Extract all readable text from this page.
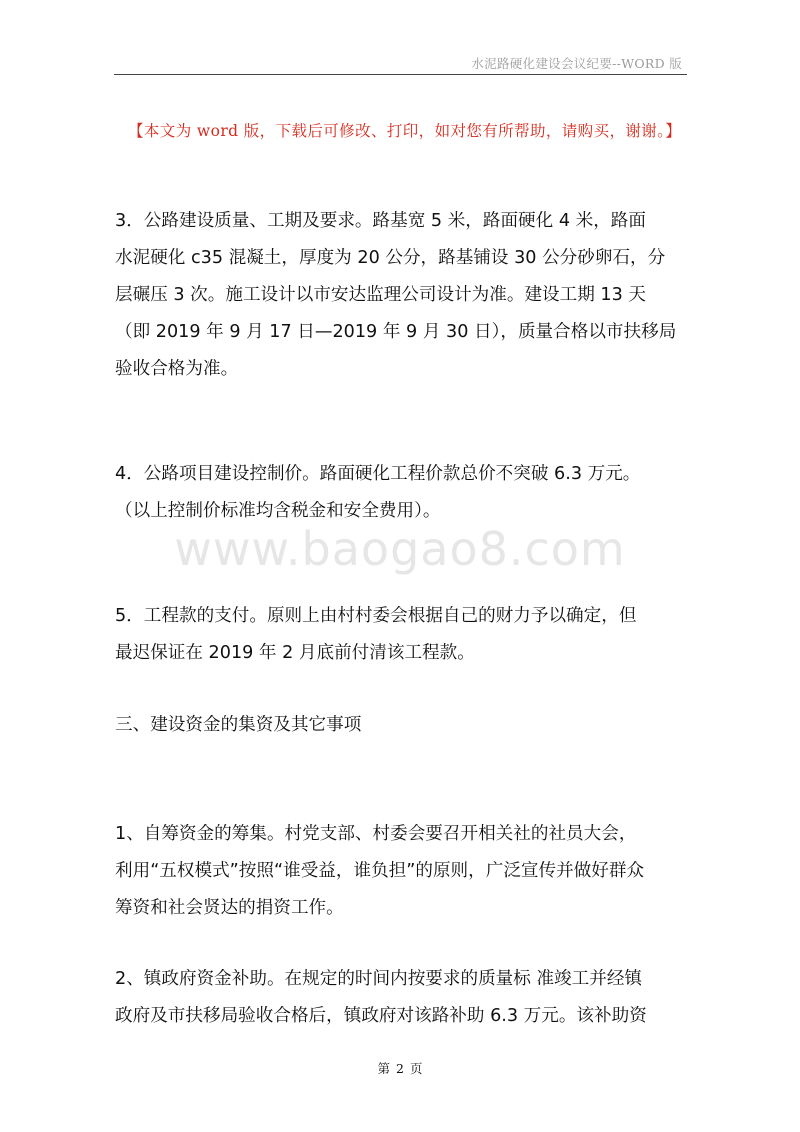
水泥路硬化建设会议纪要--WORD 版
【本文为 word 版，下载后可修改、打印，如对您有所帮助，请购买，谢谢。】
www.baogao8.com

3．公路建设质量、工期及要求。路基宽 5 米，路面硬化 4 米，路面
水泥硬化 c35 混凝土，厚度为 20 公分，路基铺设 30 公分砂卵石，分
层碾压 3 次。施工设计以市安达监理公司设计为准。建设工期 13 天
（即 2019 年 9 月 17 日—2019 年 9 月 30 日），质量合格以市扶移局
验收合格为准。

4．公路项目建设控制价。路面硬化工程价款总价不突破 6.3 万元。
（以上控制价标准均含税金和安全费用）。

5．工程款的支付。原则上由村村委会根据自己的财力予以确定，但
最迟保证在 2019 年 2 月底前付清该工程款。

三、建设资金的集资及其它事项

1、自筹资金的筹集。村党支部、村委会要召开相关社的社员大会，
利用“五权模式”按照“谁受益，谁负担”的原则，广泛宣传并做好群众
筹资和社会贤达的捐资工作。

2、镇政府资金补助。在规定的时间内按要求的质量标 准竣工并经镇
政府及市扶移局验收合格后，镇政府对该路补助 6.3 万元。该补助资

第 2 页
